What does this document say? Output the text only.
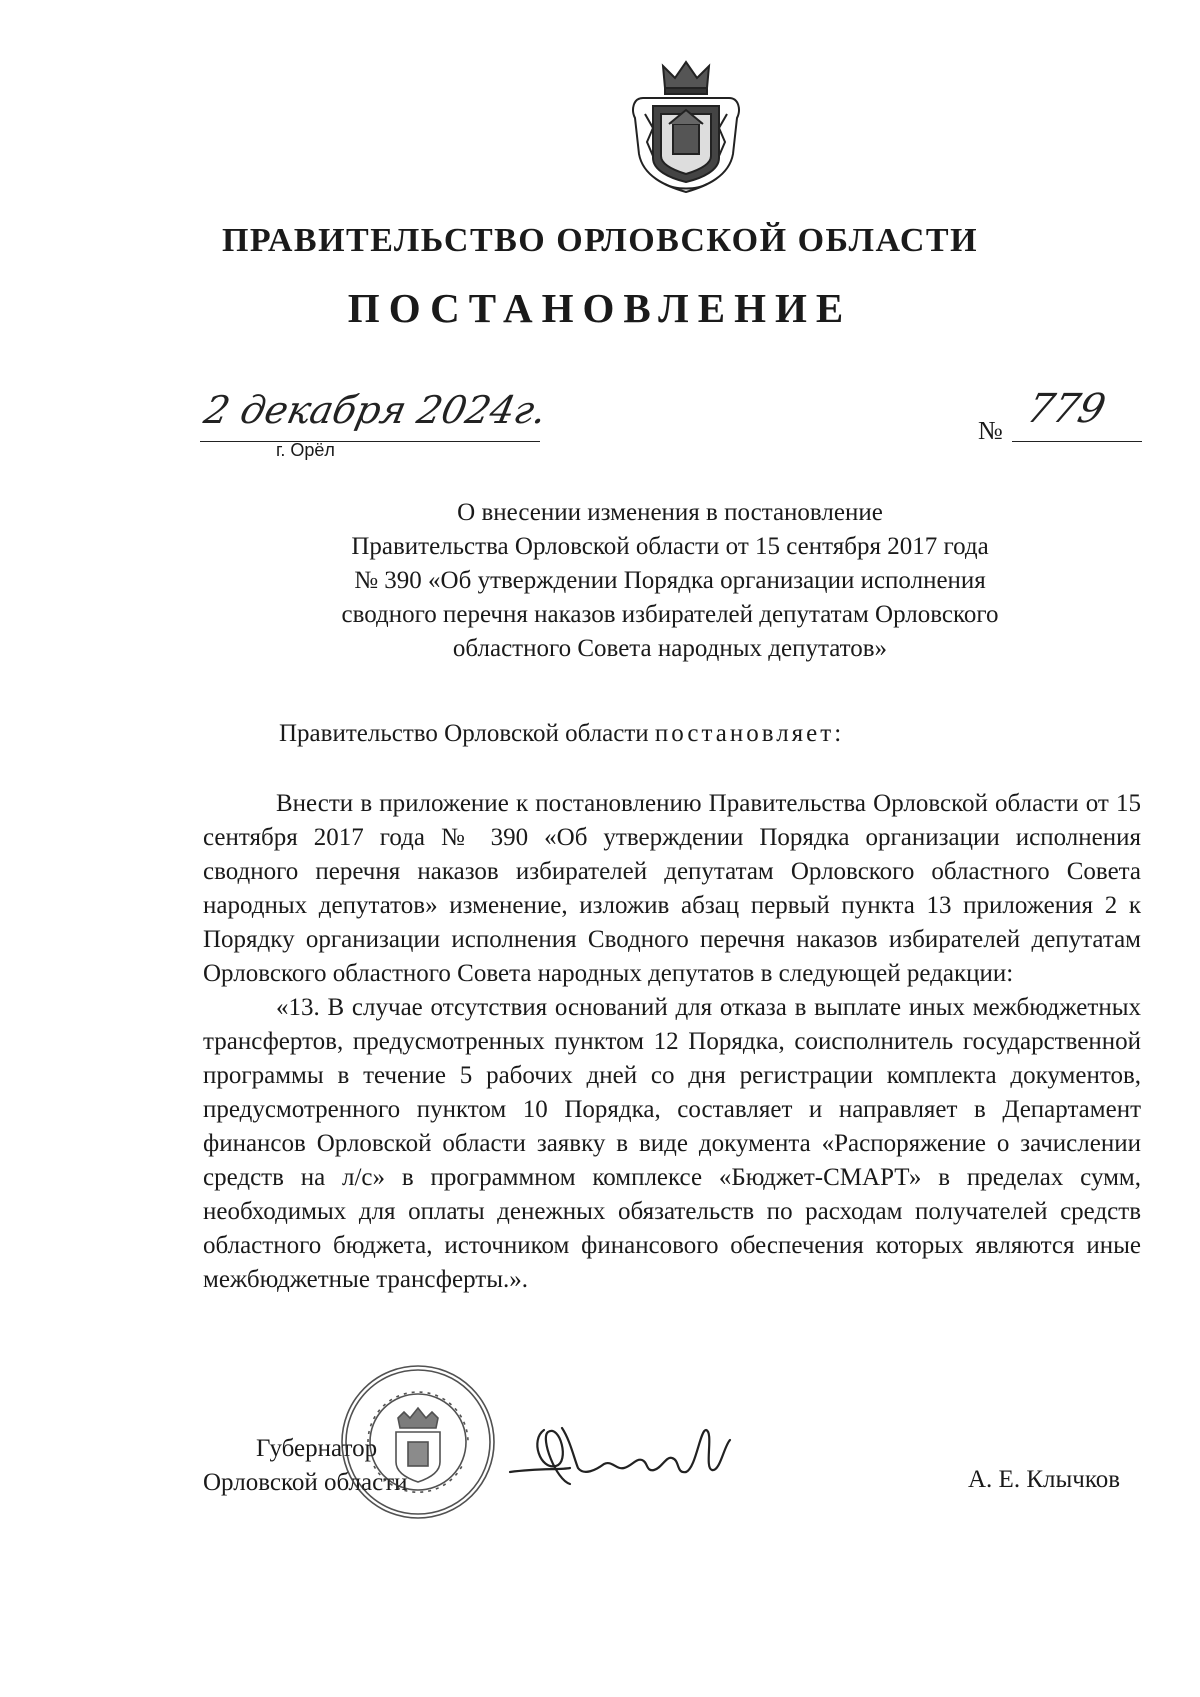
ПРАВИТЕЛЬСТВО ОРЛОВСКОЙ ОБЛАСТИ
ПОСТАНОВЛЕНИЕ
2 декабря 2024г.
г. Орёл
№ 779
О внесении изменения в постановление
Правительства Орловской области от 15 сентября 2017 года
№ 390 «Об утверждении Порядка организации исполнения
сводного перечня наказов избирателей депутатам Орловского
областного Совета народных депутатов»
Правительство Орловской области постановляет:

Внести в приложение к постановлению Правительства Орловской области от 15 сентября 2017 года № 390 «Об утверждении Порядка организации исполнения сводного перечня наказов избирателей депутатам Орловского областного Совета народных депутатов» изменение, изложив абзац первый пункта 13 приложения 2 к Порядку организации исполнения Сводного перечня наказов избирателей депутатам Орловского областного Совета народных депутатов в следующей редакции:

«13. В случае отсутствия оснований для отказа в выплате иных межбюджетных трансфертов, предусмотренных пунктом 12 Порядка, соисполнитель государственной программы в течение 5 рабочих дней со дня регистрации комплекта документов, предусмотренного пунктом 10 Порядка, составляет и направляет в Департамент финансов Орловской области заявку в виде документа «Распоряжение о зачислении средств на л/с» в программном комплексе «Бюджет-СМАРТ» в пределах сумм, необходимых для оплаты денежных обязательств по расходам получателей средств областного бюджета, источником финансового обеспечения которых являются иные межбюджетные трансферты.».

Губернатор
Орловской области	А. Е. Клычков
